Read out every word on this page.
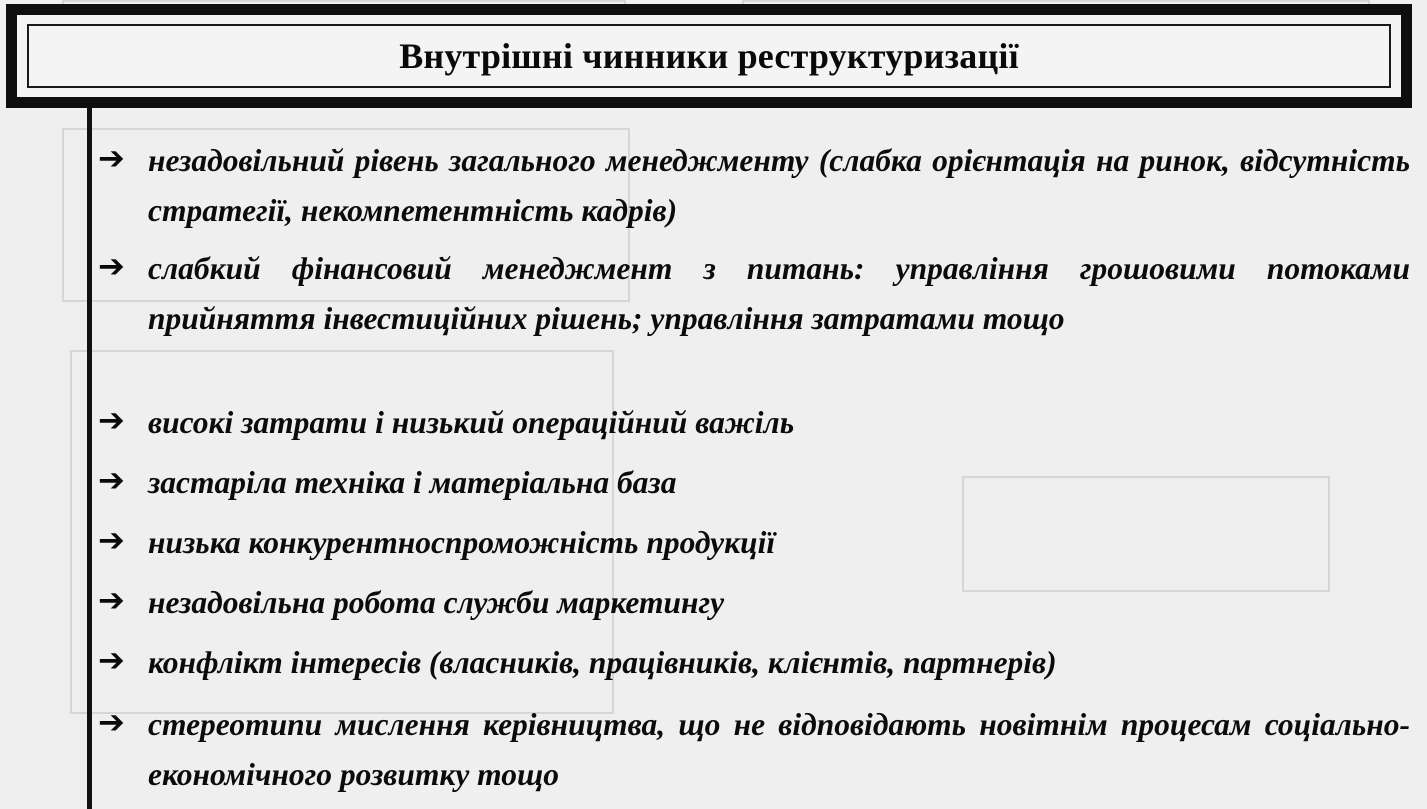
Внутрішні чинники реструктуризації
➔ незадовільний рівень загального менеджменту (слабка орієнтація на ринок, відсутність стратегії, некомпетентність кадрів)
➔ слабкий фінансовий менеджмент з питань: управління грошовими потоками прийняття інвестиційних рішень; управління затратами тощо
➔ високі затрати і низький операційний важіль
➔ застаріла техніка і матеріальна база
➔ низька конкурентноспроможність продукції
➔ незадовільна робота служби маркетингу
➔ конфлікт інтересів (власників, працівників, клієнтів, партнерів)
➔ стереотипи мислення керівництва, що не відповідають новітнім процесам соціально-економічного розвитку тощо
